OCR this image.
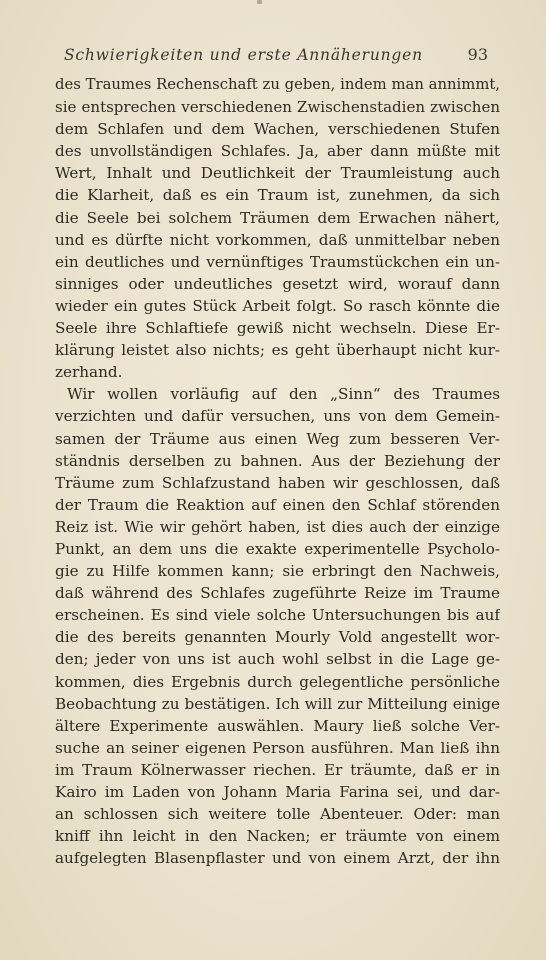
Schwierigkeiten und erste Annäherungen	93
des Traumes Rechenschaft zu geben, indem man annimmt,
sie entsprechen verschiedenen Zwischenstadien zwischen
dem Schlafen und dem Wachen, verschiedenen Stufen
des unvollständigen Schlafes. Ja, aber dann müßte mit
Wert, Inhalt und Deutlichkeit der Traumleistung auch
die Klarheit, daß es ein Traum ist, zunehmen, da sich
die Seele bei solchem Träumen dem Erwachen nähert,
und es dürfte nicht vorkommen, daß unmittelbar neben
ein deutliches und vernünftiges Traumstückchen ein un-
sinniges oder undeutliches gesetzt wird, worauf dann
wieder ein gutes Stück Arbeit folgt. So rasch könnte die
Seele ihre Schlaftiefe gewiß nicht wechseln. Diese Er-
klärung leistet also nichts; es geht überhaupt nicht kur-
zerhand.
Wir wollen vorläufig auf den „Sinn“ des Traumes
verzichten und dafür versuchen, uns von dem Gemein-
samen der Träume aus einen Weg zum besseren Ver-
ständnis derselben zu bahnen. Aus der Beziehung der
Träume zum Schlafzustand haben wir geschlossen, daß
der Traum die Reaktion auf einen den Schlaf störenden
Reiz ist. Wie wir gehört haben, ist dies auch der einzige
Punkt, an dem uns die exakte experimentelle Psycholo-
gie zu Hilfe kommen kann; sie erbringt den Nachweis,
daß während des Schlafes zugeführte Reize im Traume
erscheinen. Es sind viele solche Untersuchungen bis auf
die des bereits genannten Mourly Vold angestellt wor-
den; jeder von uns ist auch wohl selbst in die Lage ge-
kommen, dies Ergebnis durch gelegentliche persönliche
Beobachtung zu bestätigen. Ich will zur Mitteilung einige
ältere Experimente auswählen. Maury ließ solche Ver-
suche an seiner eigenen Person ausführen. Man ließ ihn
im Traum Kölnerwasser riechen. Er träumte, daß er in
Kairo im Laden von Johann Maria Farina sei, und dar-
an schlossen sich weitere tolle Abenteuer. Oder: man
kniff ihn leicht in den Nacken; er träumte von einem
aufgelegten Blasenpflaster und von einem Arzt, der ihn
